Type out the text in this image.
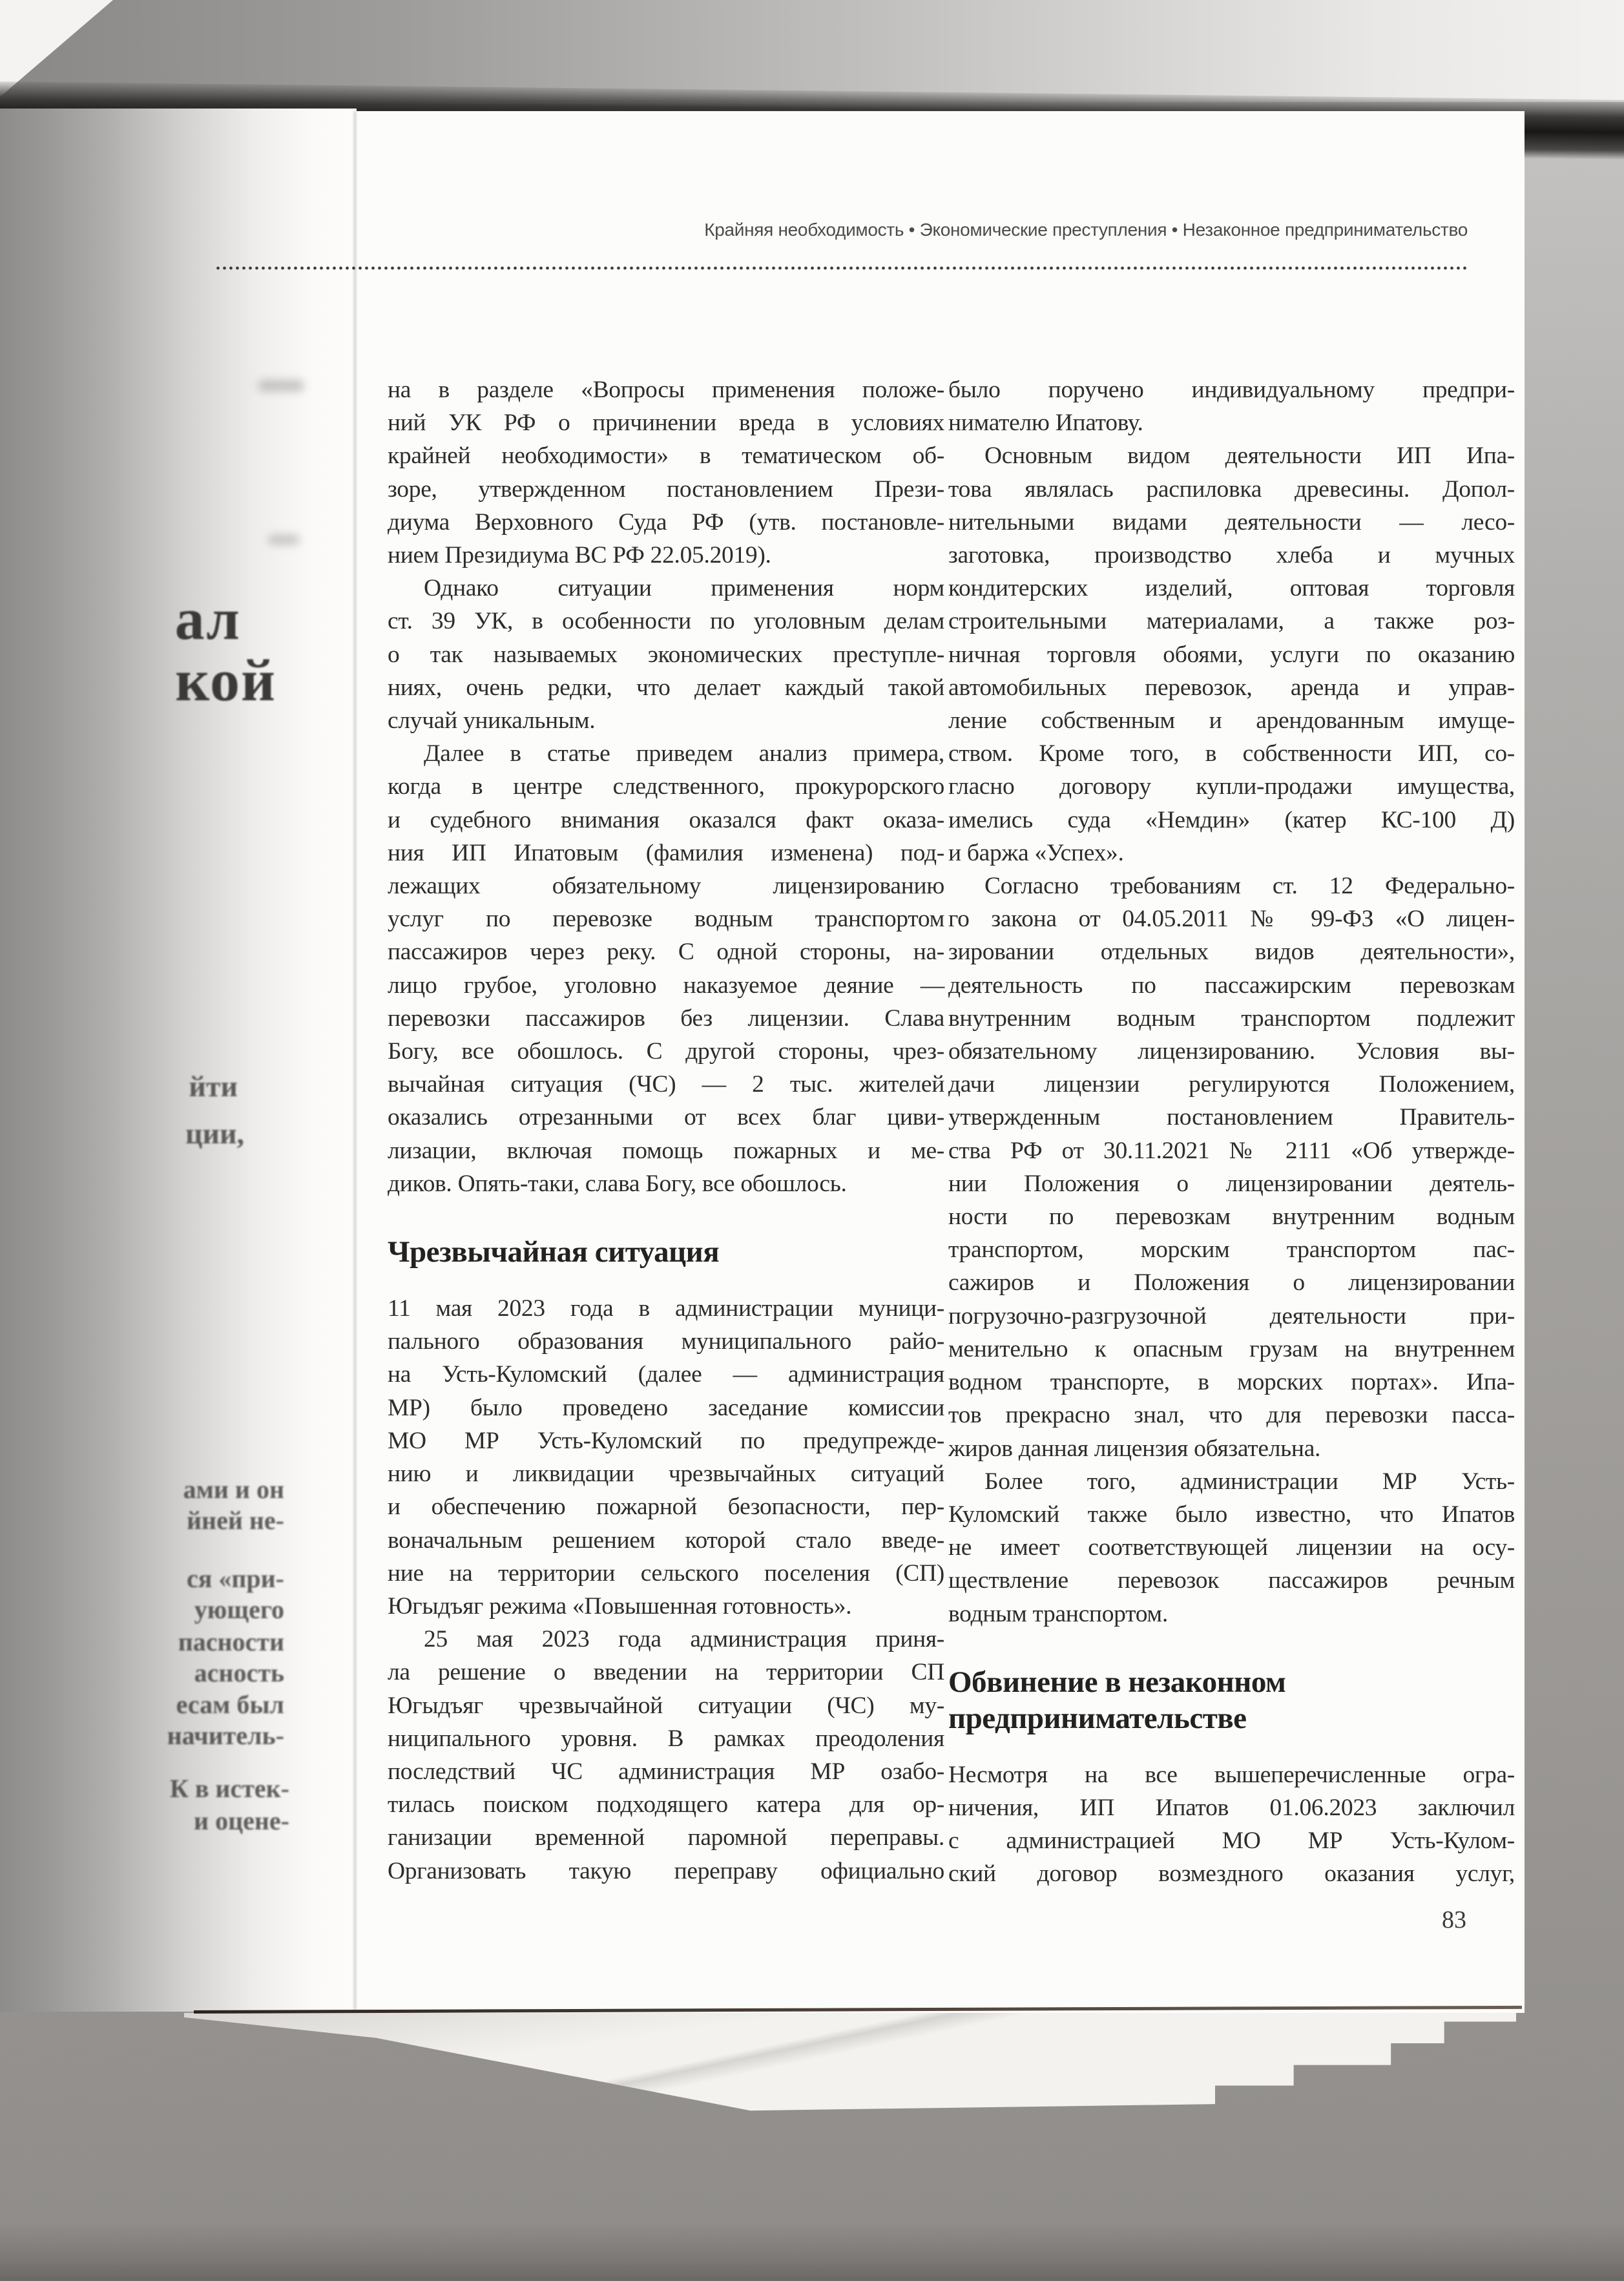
ал
кой
йти
ции,
ами и он
йней не-
ся «при-
ующего
пасности
асность
есам был
начитель-
К в истек-
и оцене-
Крайняя необходимость • Экономические преступления • Незаконное предпринимательство
на в разделе «Вопросы применения положе-
ний УК РФ о причинении вреда в условиях
крайней необходимости» в тематическом об-
зоре, утвержденном постановлением Прези-
диума Верховного Суда РФ (утв. постановле-
нием Президиума ВС РФ 22.05.2019).
Однако ситуации применения норм
ст. 39 УК, в особенности по уголовным делам
о так называемых экономических преступле-
ниях, очень редки, что делает каждый такой
случай уникальным.
Далее в статье приведем анализ примера,
когда в центре следственного, прокурорского
и судебного внимания оказался факт оказа-
ния ИП Ипатовым (фамилия изменена) под-
лежащих обязательному лицензированию
услуг по перевозке водным транспортом
пассажиров через реку. С одной стороны, на-
лицо грубое, уголовно наказуемое деяние —
перевозки пассажиров без лицензии. Слава
Богу, все обошлось. С другой стороны, чрез-
вычайная ситуация (ЧС) — 2 тыс. жителей
оказались отрезанными от всех благ циви-
лизации, включая помощь пожарных и ме-
диков. Опять-таки, слава Богу, все обошлось.
Чрезвычайная ситуация
11 мая 2023 года в администрации муници-
пального образования муниципального райо-
на Усть-Куломский (далее — администрация
МР) было проведено заседание комиссии
МО МР Усть-Куломский по предупрежде-
нию и ликвидации чрезвычайных ситуаций
и обеспечению пожарной безопасности, пер-
воначальным решением которой стало введе-
ние на территории сельского поселения (СП)
Югыдъяг режима «Повышенная готовность».
25 мая 2023 года администрация приня-
ла решение о введении на территории СП
Югыдъяг чрезвычайной ситуации (ЧС) му-
ниципального уровня. В рамках преодоления
последствий ЧС администрация МР озабо-
тилась поиском подходящего катера для ор-
ганизации временной паромной переправы.
Организовать такую переправу официально
было поручено индивидуальному предпри-
нимателю Ипатову.
Основным видом деятельности ИП Ипа-
това являлась распиловка древесины. Допол-
нительными видами деятельности — лесо-
заготовка, производство хлеба и мучных
кондитерских изделий, оптовая торговля
строительными материалами, а также роз-
ничная торговля обоями, услуги по оказанию
автомобильных перевозок, аренда и управ-
ление собственным и арендованным имуще-
ством. Кроме того, в собственности ИП, со-
гласно договору купли-продажи имущества,
имелись суда «Немдин» (катер КС-100 Д)
и баржа «Успех».
Согласно требованиям ст. 12 Федерально-
го закона от 04.05.2011 № 99-ФЗ «О лицен-
зировании отдельных видов деятельности»,
деятельность по пассажирским перевозкам
внутренним водным транспортом подлежит
обязательному лицензированию. Условия вы-
дачи лицензии регулируются Положением,
утвержденным постановлением Правитель-
ства РФ от 30.11.2021 № 2111 «Об утвержде-
нии Положения о лицензировании деятель-
ности по перевозкам внутренним водным
транспортом, морским транспортом пас-
сажиров и Положения о лицензировании
погрузочно-разгрузочной деятельности при-
менительно к опасным грузам на внутреннем
водном транспорте, в морских портах». Ипа-
тов прекрасно знал, что для перевозки пасса-
жиров данная лицензия обязательна.
Более того, администрации МР Усть-
Куломский также было известно, что Ипатов
не имеет соответствующей лицензии на осу-
ществление перевозок пассажиров речным
водным транспортом.
Обвинение в незаконном
предпринимательстве
Несмотря на все вышеперечисленные огра-
ничения, ИП Ипатов 01.06.2023 заключил
с администрацией МО МР Усть-Кулом-
ский договор возмездного оказания услуг,
83
